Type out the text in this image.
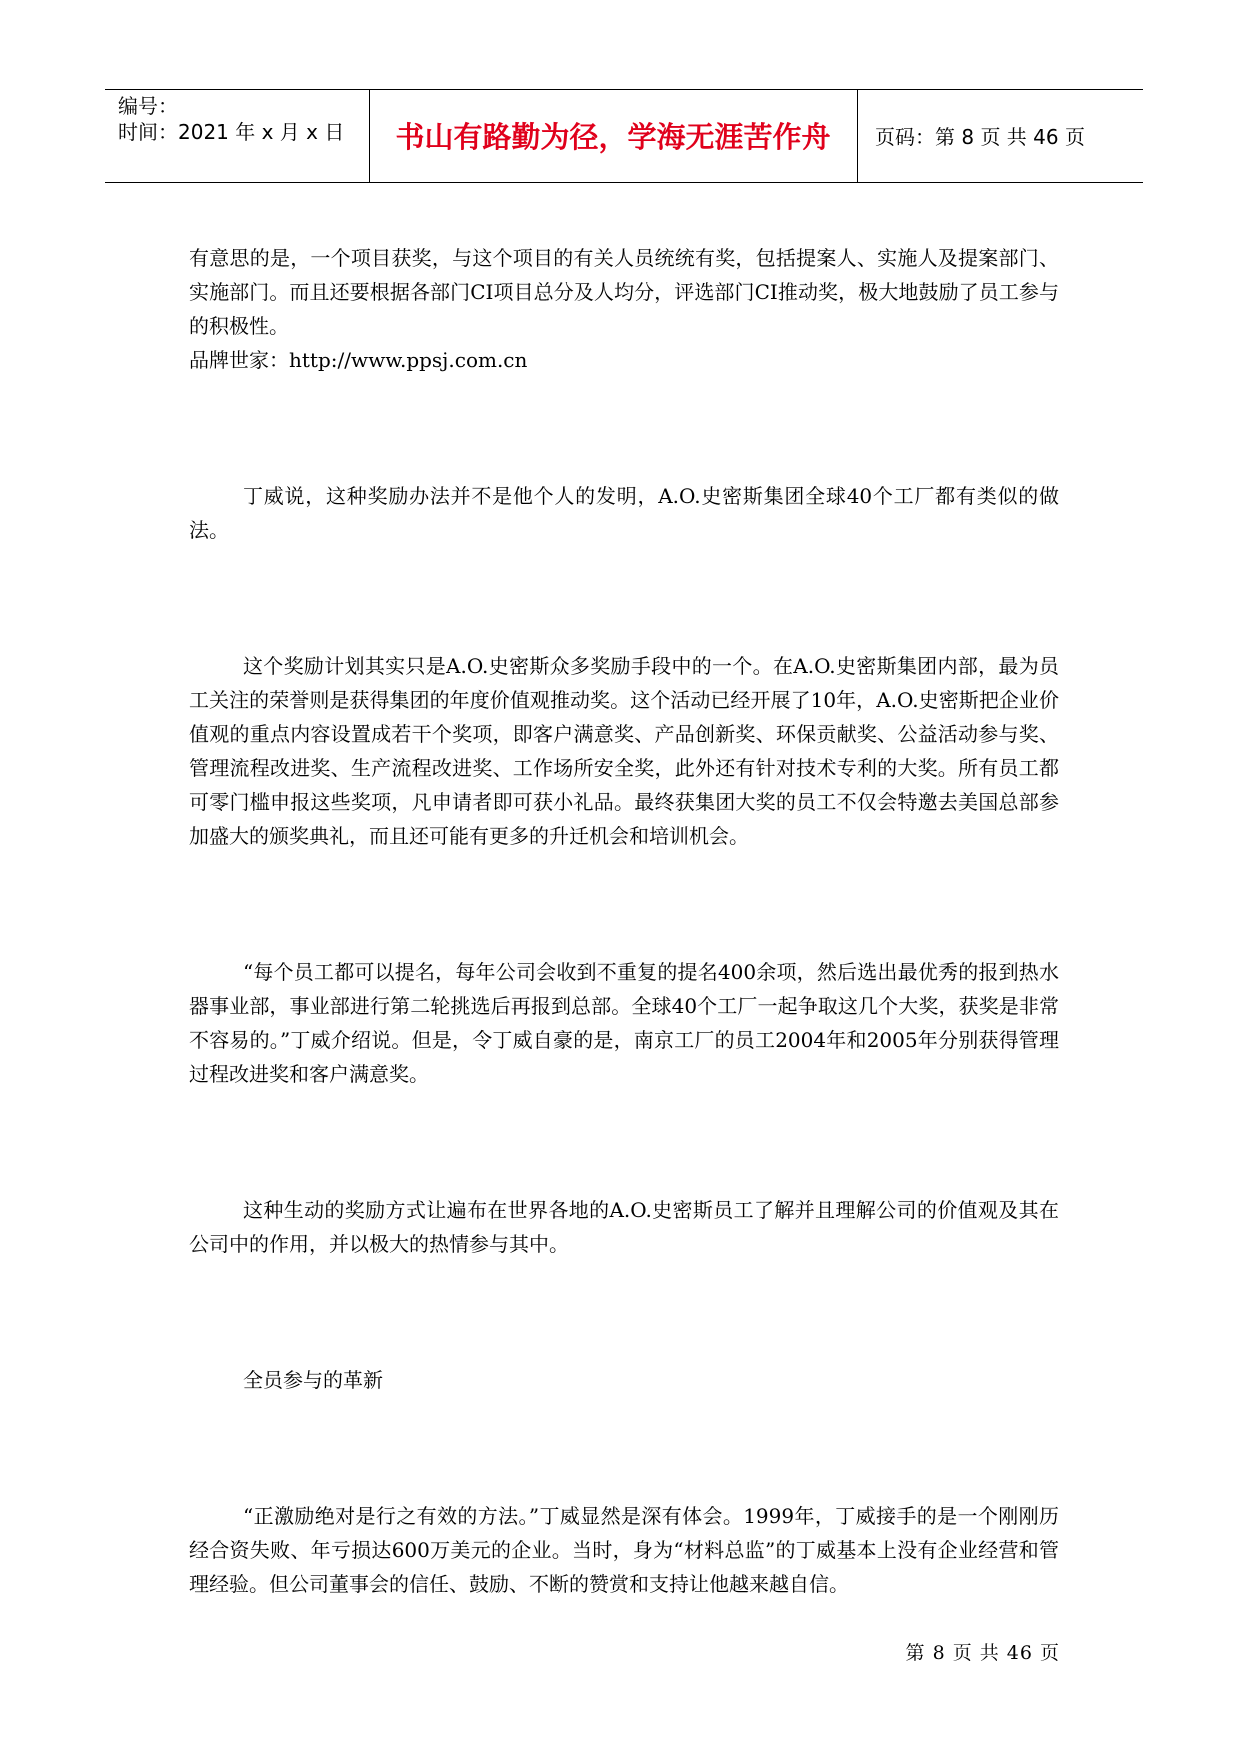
编号：
时间：2021 年 x 月 x 日	书山有路勤为径，学海无涯苦作舟	页码：第 8 页 共 46 页

有意思的是，一个项目获奖，与这个项目的有关人员统统有奖，包括提案人、实施人及提案部门、实施部门。而且还要根据各部门CI项目总分及人均分，评选部门CI推动奖，极大地鼓励了员工参与的积极性。

品牌世家：http://www.ppsj.com.cn

丁威说，这种奖励办法并不是他个人的发明，A.O.史密斯集团全球40个工厂都有类似的做法。

这个奖励计划其实只是A.O.史密斯众多奖励手段中的一个。在A.O.史密斯集团内部，最为员工关注的荣誉则是获得集团的年度价值观推动奖。这个活动已经开展了10年，A.O.史密斯把企业价值观的重点内容设置成若干个奖项，即客户满意奖、产品创新奖、环保贡献奖、公益活动参与奖、管理流程改进奖、生产流程改进奖、工作场所安全奖，此外还有针对技术专利的大奖。所有员工都可零门槛申报这些奖项，凡申请者即可获小礼品。最终获集团大奖的员工不仅会特邀去美国总部参加盛大的颁奖典礼，而且还可能有更多的升迁机会和培训机会。

“每个员工都可以提名，每年公司会收到不重复的提名400余项，然后选出最优秀的报到热水器事业部，事业部进行第二轮挑选后再报到总部。全球40个工厂一起争取这几个大奖，获奖是非常不容易的。”丁威介绍说。但是，令丁威自豪的是，南京工厂的员工2004年和2005年分别获得管理过程改进奖和客户满意奖。

这种生动的奖励方式让遍布在世界各地的A.O.史密斯员工了解并且理解公司的价值观及其在公司中的作用，并以极大的热情参与其中。

全员参与的革新

“正激励绝对是行之有效的方法。”丁威显然是深有体会。1999年，丁威接手的是一个刚刚历经合资失败、年亏损达600万美元的企业。当时，身为“材料总监”的丁威基本上没有企业经营和管理经验。但公司董事会的信任、鼓励、不断的赞赏和支持让他越来越自信。

第 8 页 共 46 页
